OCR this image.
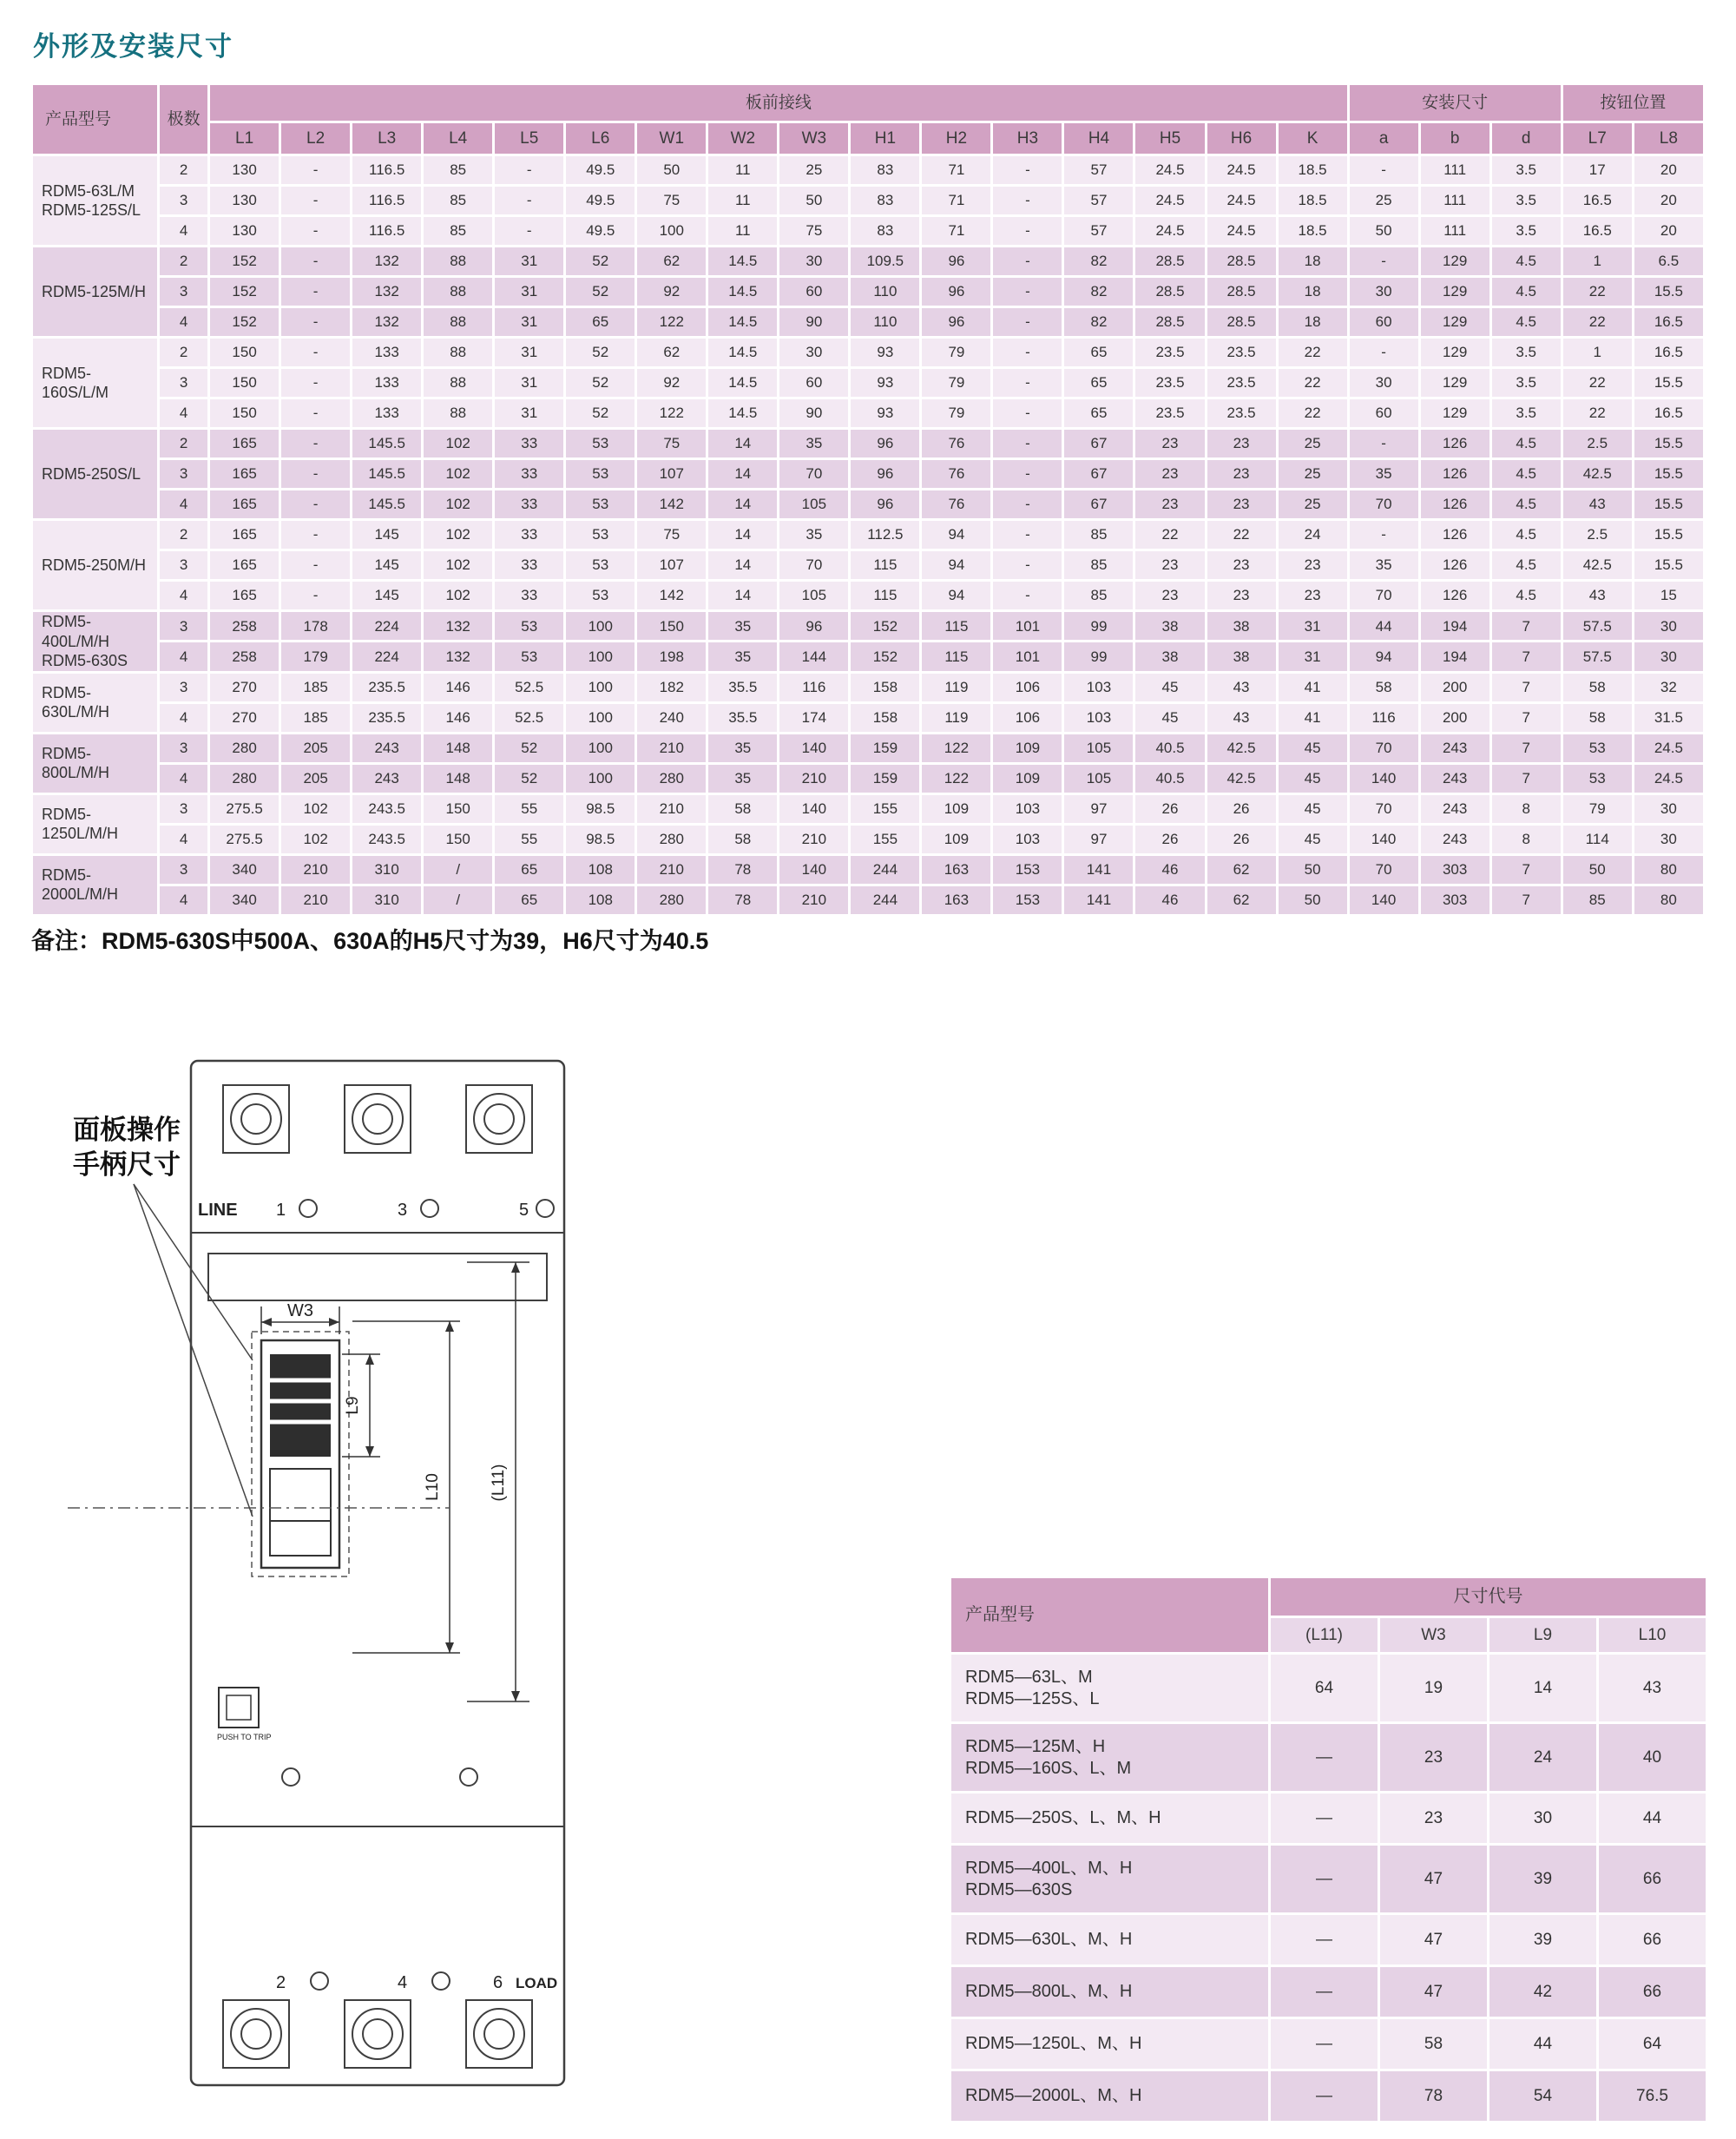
外形及安装尺寸
产品型号	极数	板前接线																安装尺寸			按钮位置	
		L1	L2	L3	L4	L5	L6	W1	W2	W3	H1	H2	H3	H4	H5	H6	K	a	b	d	L7	L8

RDM5-63L/M
RDM5-125S/L	2	130	-	116.5	85	-	49.5	50	11	25	83	71	-	57	24.5	24.5	18.5	-	111	3.5	17	20
	3	130	-	116.5	85	-	49.5	75	11	50	83	71	-	57	24.5	24.5	18.5	25	111	3.5	16.5	20
	4	130	-	116.5	85	-	49.5	100	11	75	83	71	-	57	24.5	24.5	18.5	50	111	3.5	16.5	20

RDM5-125M/H	2	152	-	132	88	31	52	62	14.5	30	109.5	96	-	82	28.5	28.5	18	-	129	4.5	1	6.5
	3	152	-	132	88	31	52	92	14.5	60	110	96	-	82	28.5	28.5	18	30	129	4.5	22	15.5
	4	152	-	132	88	31	65	122	14.5	90	110	96	-	82	28.5	28.5	18	60	129	4.5	22	16.5

RDM5-160S/L/M	2	150	-	133	88	31	52	62	14.5	30	93	79	-	65	23.5	23.5	22	-	129	3.5	1	16.5
	3	150	-	133	88	31	52	92	14.5	60	93	79	-	65	23.5	23.5	22	30	129	3.5	22	15.5
	4	150	-	133	88	31	52	122	14.5	90	93	79	-	65	23.5	23.5	22	60	129	3.5	22	16.5

RDM5-250S/L	2	165	-	145.5	102	33	53	75	14	35	96	76	-	67	23	23	25	-	126	4.5	2.5	15.5
	3	165	-	145.5	102	33	53	107	14	70	96	76	-	67	23	23	25	35	126	4.5	42.5	15.5
	4	165	-	145.5	102	33	53	142	14	105	96	76	-	67	23	23	25	70	126	4.5	43	15.5

RDM5-250M/H	2	165	-	145	102	33	53	75	14	35	112.5	94	-	85	22	22	24	-	126	4.5	2.5	15.5
	3	165	-	145	102	33	53	107	14	70	115	94	-	85	23	23	23	35	126	4.5	42.5	15.5
	4	165	-	145	102	33	53	142	14	105	115	94	-	85	23	23	23	70	126	4.5	43	15

RDM5-400L/M/H
RDM5-630S	3	258	178	224	132	53	100	150	35	96	152	115	101	99	38	38	31	44	194	7	57.5	30
	4	258	179	224	132	53	100	198	35	144	152	115	101	99	38	38	31	94	194	7	57.5	30

RDM5-630L/M/H	3	270	185	235.5	146	52.5	100	182	35.5	116	158	119	106	103	45	43	41	58	200	7	58	32
	4	270	185	235.5	146	52.5	100	240	35.5	174	158	119	106	103	45	43	41	116	200	7	58	31.5

RDM5-800L/M/H	3	280	205	243	148	52	100	210	35	140	159	122	109	105	40.5	42.5	45	70	243	7	53	24.5
	4	280	205	243	148	52	100	280	35	210	159	122	109	105	40.5	42.5	45	140	243	7	53	24.5

RDM5-1250L/M/H	3	275.5	102	243.5	150	55	98.5	210	58	140	155	109	103	97	26	26	45	70	243	8	79	30
	4	275.5	102	243.5	150	55	98.5	280	58	210	155	109	103	97	26	26	45	140	243	8	114	30

RDM5-2000L/M/H	3	340	210	310	/	65	108	210	78	140	244	163	153	141	46	62	50	70	303	7	50	80
	4	340	210	310	/	65	108	280	78	210	244	163	153	141	46	62	50	140	303	7	85	80
备注：RDM5-630S中500A、630A的H5尺寸为39，H6尺寸为40.5
LINE 1	3	5
W3
L9
L10	(L11)
面板操作
手柄尺寸
PUSH TO TRIP
2	4	6 LOAD
产品型号	尺寸代号			
	(L11)	W3	L9	L10

RDM5—63L、M
RDM5—125S、L	64	19	14	43

RDM5—125M、H
RDM5—160S、L、M	—	23	24	40

RDM5—250S、L、M、H	—	23	30	44

RDM5—400L、M、H
RDM5—630S	—	47	39	66

RDM5—630L、M、H	—	47	39	66

RDM5—800L、M、H	—	47	42	66

RDM5—1250L、M、H	—	58	44	64

RDM5—2000L、M、H	—	78	54	76.5
